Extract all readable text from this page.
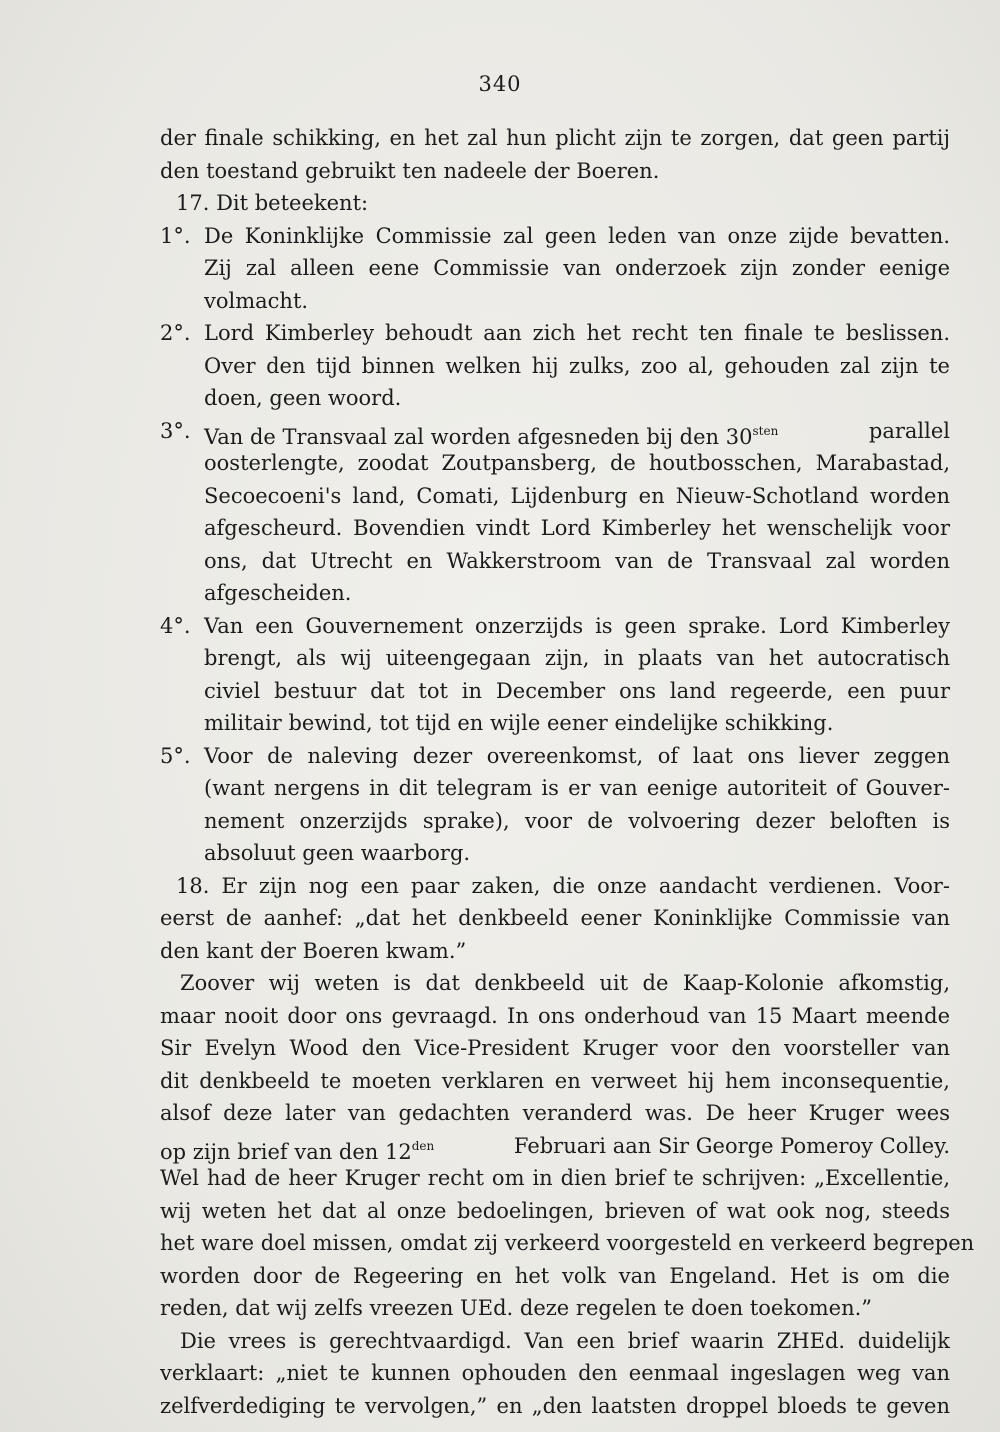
340
der finale schikking, en het zal hun plicht zijn te zorgen, dat geen partij
den toestand gebruikt ten nadeele der Boeren.
17. Dit beteekent:
1°. De Koninklijke Commissie zal geen leden van onze zijde bevatten.
Zij zal alleen eene Commissie van onderzoek zijn zonder eenige
volmacht.
2°. Lord Kimberley behoudt aan zich het recht ten finale te beslissen.
Over den tijd binnen welken hij zulks, zoo al, gehouden zal zijn te
doen, geen woord.
3°. Van de Transvaal zal worden afgesneden bij den $30^{sten}$	parallel
oosterlengte, zoodat Zoutpansberg, de houtbosschen, Marabastad,
Secoecoeni's land, Comati, Lijdenburg en Nieuw-Schotland worden
afgescheurd. Bovendien vindt Lord Kimberley het wenschelijk voor
ons, dat Utrecht en Wakkerstroom van de Transvaal zal worden
afgescheiden.
4°. Van een Gouvernement onzerzijds is geen sprake. Lord Kimberley
brengt, als wij uiteengegaan zijn, in plaats van het autocratisch
civiel bestuur dat tot in December ons land regeerde, een puur
militair bewind, tot tijd en wijle eener eindelijke schikking.
5°. Voor de naleving dezer overeenkomst, of laat ons liever zeggen
(want nergens in dit telegram is er van eenige autoriteit of Gouver-
nement onzerzijds sprake), voor de volvoering dezer beloften is
absoluut geen waarborg.
18. Er zijn nog een paar zaken, die onze aandacht verdienen. Voor-
eerst de aanhef: „dat het denkbeeld eener Koninklijke Commissie van
den kant der Boeren kwam.”
Zoover wij weten is dat denkbeeld uit de Kaap-Kolonie afkomstig,
maar nooit door ons gevraagd. In ons onderhoud van 15 Maart meende
Sir Evelyn Wood den Vice-President Kruger voor den voorsteller van
dit denkbeeld te moeten verklaren en verweet hij hem inconsequentie,
alsof deze later van gedachten veranderd was. De heer Kruger wees
op zijn brief van den $12^{den}$	Februari aan Sir George Pomeroy Colley.
Wel had de heer Kruger recht om in dien brief te schrijven: „Excellentie,
wij weten het dat al onze bedoelingen, brieven of wat ook nog, steeds
het ware doel missen, omdat zij verkeerd voorgesteld en verkeerd begrepen
worden door de Regeering en het volk van Engeland. Het is om die
reden, dat wij zelfs vreezen UEd. deze regelen te doen toekomen.”
Die vrees is gerechtvaardigd. Van een brief waarin ZHEd. duidelijk
verklaart: „niet te kunnen ophouden den eenmaal ingeslagen weg van
zelfverdediging te vervolgen,” en „den laatsten droppel bloeds te geven
